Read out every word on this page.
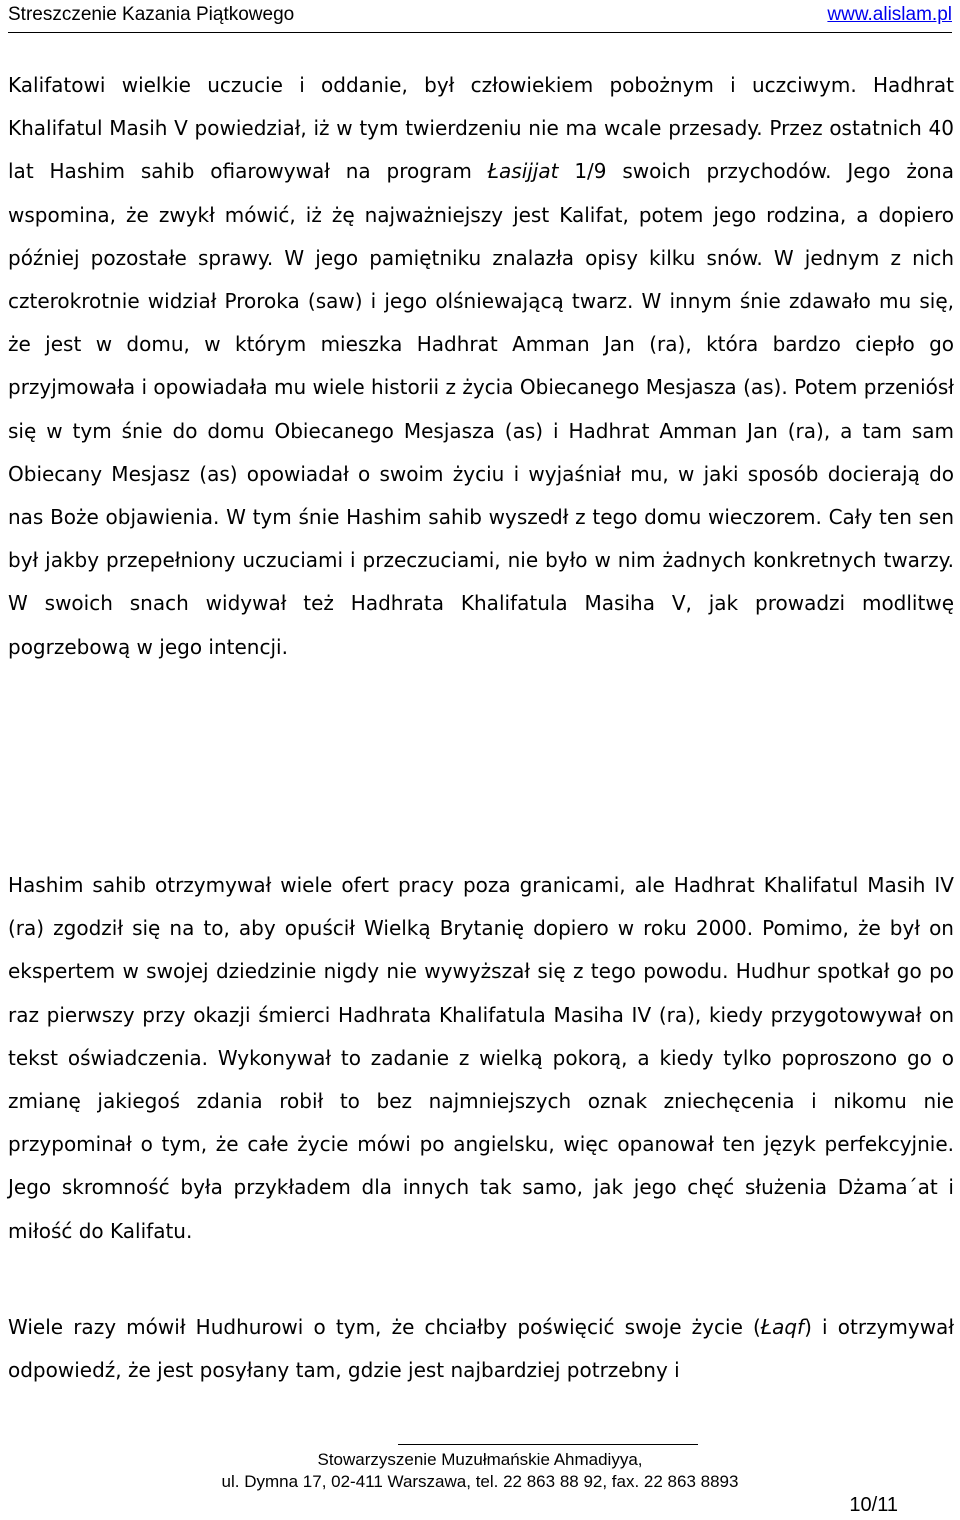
Streszczenie Kazania Piątkowego	www.alislam.pl

Kalifatowi wielkie uczucie i oddanie, był człowiekiem pobożnym i uczciwym. Hadhrat Khalifatul Masih V powiedział, iż w tym twierdzeniu nie ma wcale przesady. Przez ostatnich 40 lat Hashim sahib ofiarowywał na program Łasijjat 1/9 swoich przychodów. Jego żona wspomina, że zwykł mówić, iż żę najważniejszy jest Kalifat, potem jego rodzina, a dopiero później pozostałe sprawy. W jego pamiętniku znalazła opisy kilku snów. W jednym z nich czterokrotnie widział Proroka (saw) i jego olśniewającą twarz. W innym śnie zdawało mu się, że jest w domu, w którym mieszka Hadhrat Amman Jan (ra), która bardzo ciepło go przyjmowała i opowiadała mu wiele historii z życia Obiecanego Mesjasza (as). Potem przeniósł się w tym śnie do domu Obiecanego Mesjasza (as) i Hadhrat Amman Jan (ra), a tam sam Obiecany Mesjasz (as) opowiadał o swoim życiu i wyjaśniał mu, w jaki sposób docierają do nas Boże objawienia. W tym śnie Hashim sahib wyszedł z tego domu wieczorem. Cały ten sen był jakby przepełniony uczuciami i przeczuciami, nie było w nim żadnych konkretnych twarzy. W swoich snach widywał też Hadhrata Khalifatula Masiha V, jak prowadzi modlitwę pogrzebową w jego intencji.

Hashim sahib otrzymywał wiele ofert pracy poza granicami, ale Hadhrat Khalifatul Masih IV (ra) zgodził się na to, aby opuścił Wielką Brytanię dopiero w roku 2000. Pomimo, że był on ekspertem w swojej dziedzinie nigdy nie wywyższał się z tego powodu. Hudhur spotkał go po raz pierwszy przy okazji śmierci Hadhrata Khalifatula Masiha IV (ra), kiedy przygotowywał on tekst oświadczenia. Wykonywał to zadanie z wielką pokorą, a kiedy tylko poproszono go o zmianę jakiegoś zdania robił to bez najmniejszych oznak zniechęcenia i nikomu nie przypominał o tym, że całe życie mówi po angielsku, więc opanował ten język perfekcyjnie. Jego skromność była przykładem dla innych tak samo, jak jego chęć służenia Dżama´at i miłość do Kalifatu.

Wiele razy mówił Hudhurowi o tym, że chciałby poświęcić swoje życie (Łaqf) i otrzymywał odpowiedź, że jest posyłany tam, gdzie jest najbardziej potrzebny i

Stowarzyszenie Muzułmańskie Ahmadiyya,
ul. Dymna 17, 02-411 Warszawa, tel. 22 863 88 92, fax. 22 863 8893
10/11
